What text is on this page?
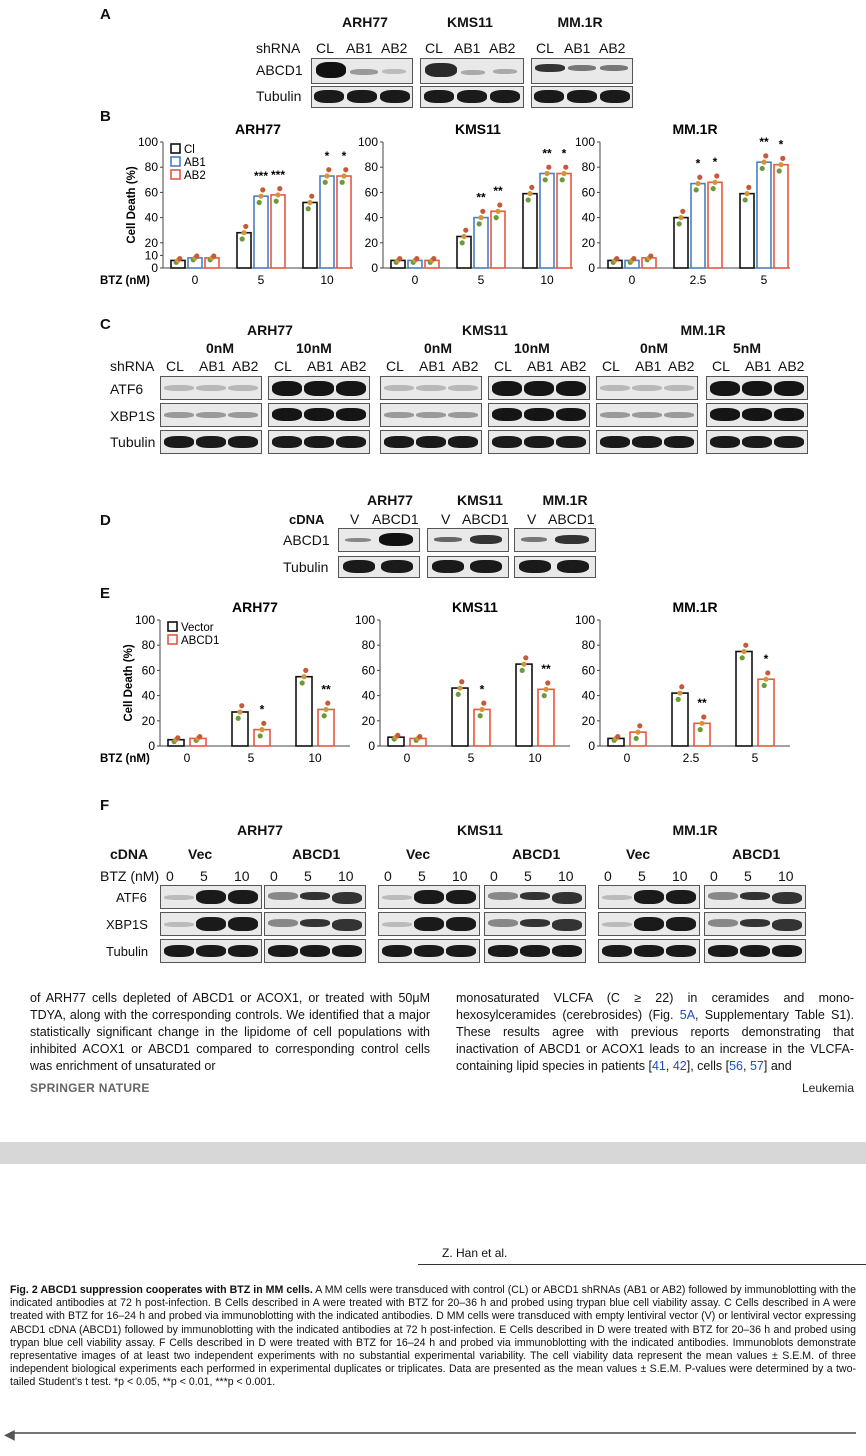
A
B
C
D
E
F
ARH77	KMS11	MM.1R
shRNA CL AB1 AB2 CL AB1 AB2 CL AB1 AB2
ABCD1
Tubulin
ARH77
0
10
20
40
60
80
100
Cell Death (%)
BTZ (nM)	0
*** ***
5
* *
10
Cl
AB1
AB2
KMS11
0
20
40
60
80
100
0
** **
5
** *
10
MM.1R
0
20
40
60
80
100
0
* *
2.5
** *
5
ARH77	KMS11	MM.1R
0nM	10nM	0nM	10nM	0nM	5nM
shRNA CL AB1 AB2 CL AB1 AB2 CL AB1 AB2 CL AB1 AB2 CL AB1 AB2 CL AB1 AB2
ATF6
XBP1S
Tubulin
ARH77	KMS11	MM.1R
cDNA V ABCD1 V ABCD1 V ABCD1
ABCD1
Tubulin
ARH77
0
20
40
60
80
100
Cell Death (%)
BTZ (nM)	0
*
5
**
10
Vector
ABCD1
KMS11
0
20
40
60
80
100
0
*
5
**
10
MM.1R
0
20
40
60
80
100
0
**
2.5
*
5
ARH77	KMS11	MM.1R
cDNA
BTZ (nM)
Vec
0 5 10
ABCD1
0 5 10
Vec
0 5 10
ABCD1
0 5 10
Vec
0 5 10
ABCD1
0 5 10
ATF6
XBP1S
Tubulin
of ARH77 cells depleted of ABCD1 or ACOX1, or treated with 50μM TDYA, along with the corresponding controls. We identified that a major statistically significant change in the lipidome of cell populations with inhibited ACOX1 or ABCD1 compared to corresponding control cells was enrichment of unsaturated or
monosaturated VLCFA (C ≥ 22) in ceramides and mono-hexosylceramides (cerebrosides) (Fig. 5A, Supplementary Table S1). These results agree with previous reports demonstrating that inactivation of ABCD1 or ACOX1 leads to an increase in the VLCFA-containing lipid species in patients [41, 42], cells [56, 57] and
SPRINGER NATURE	Leukemia
Z. Han et al.
Fig. 2 ABCD1 suppression cooperates with BTZ in MM cells. A MM cells were transduced with control (CL) or ABCD1 shRNAs (AB1 or AB2) followed by immunoblotting with the indicated antibodies at 72 h post-infection. B Cells described in A were treated with BTZ for 20–36 h and probed using trypan blue cell viability assay. C Cells described in A were treated with BTZ for 16–24 h and probed via immunoblotting with the indicated antibodies. D MM cells were transduced with empty lentiviral vector (V) or lentiviral vector expressing ABCD1 cDNA (ABCD1) followed by immunoblotting with the indicated antibodies at 72 h post-infection. E Cells described in D were treated with BTZ for 20–36 h and probed using trypan blue cell viability assay. F Cells described in D were treated with BTZ for 16–24 h and probed via immunoblotting with the indicated antibodies. Immunoblots demonstrate representative images of at least two independent experiments with no substantial experimental variability. The cell viability data represent the mean values ± S.E.M. of three independent biological experiments each performed in experimental duplicates or triplicates. Data are presented as the mean values ± S.E.M. P-values were determined by a two-tailed Student’s t test. *p < 0.05, **p < 0.01, ***p < 0.001.
◀
